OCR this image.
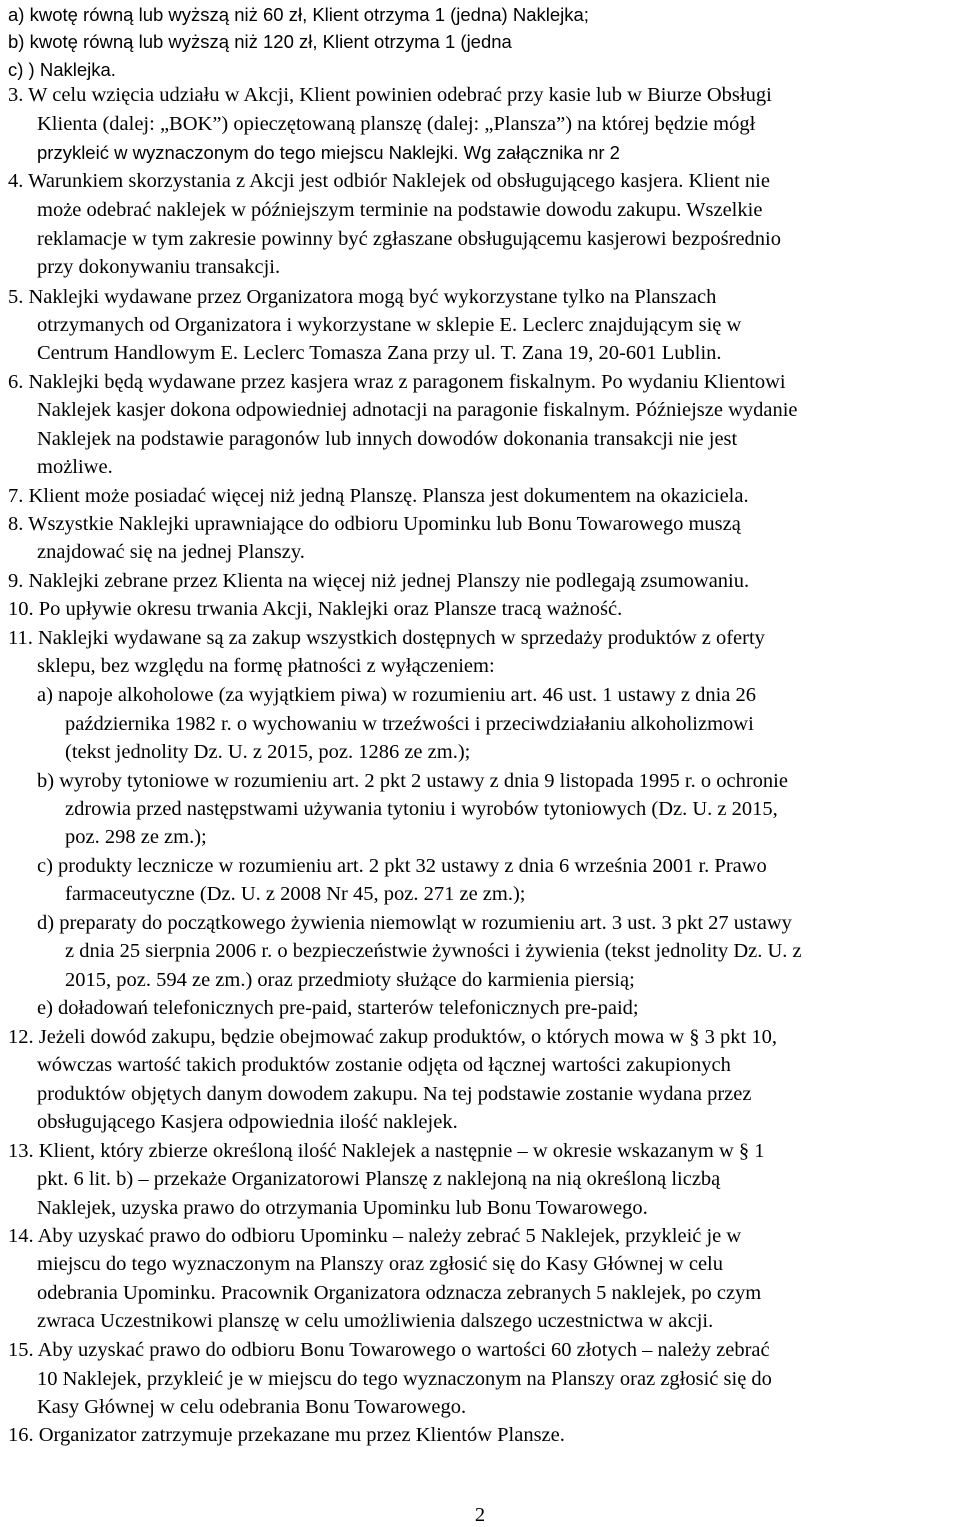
a) kwotę równą lub wyższą niż 60 zł, Klient otrzyma 1 (jedna) Naklejka;
b) kwotę równą lub wyższą niż 120 zł, Klient otrzyma 1 (jedna
c) ) Naklejka.
3. W celu wzięcia udziału w Akcji, Klient powinien odebrać przy kasie lub w Biurze Obsługi
Klienta (dalej: „BOK”) opieczętowaną planszę (dalej: „Plansza”) na której będzie mógł
przykleić w wyznaczonym do tego miejscu Naklejki. Wg załącznika nr 2
4. Warunkiem skorzystania z Akcji jest odbiór Naklejek od obsługującego kasjera. Klient nie
może odebrać naklejek w późniejszym terminie na podstawie dowodu zakupu. Wszelkie
reklamacje w tym zakresie powinny być zgłaszane obsługującemu kasjerowi bezpośrednio
przy dokonywaniu transakcji.
5. Naklejki wydawane przez Organizatora mogą być wykorzystane tylko na Planszach
otrzymanych od Organizatora i wykorzystane w sklepie E. Leclerc znajdującym się w
Centrum Handlowym E. Leclerc Tomasza Zana przy ul. T. Zana 19, 20-601 Lublin.
6. Naklejki będą wydawane przez kasjera wraz z paragonem fiskalnym. Po wydaniu Klientowi
Naklejek kasjer dokona odpowiedniej adnotacji na paragonie fiskalnym. Późniejsze wydanie
Naklejek na podstawie paragonów lub innych dowodów dokonania transakcji nie jest
możliwe.
7. Klient może posiadać więcej niż jedną Planszę. Plansza jest dokumentem na okaziciela.
8. Wszystkie Naklejki uprawniające do odbioru Upominku lub Bonu Towarowego muszą
znajdować się na jednej Planszy.
9. Naklejki zebrane przez Klienta na więcej niż jednej Planszy nie podlegają zsumowaniu.
10. Po upływie okresu trwania Akcji, Naklejki oraz Plansze tracą ważność.
11. Naklejki wydawane są za zakup wszystkich dostępnych w sprzedaży produktów z oferty
sklepu, bez względu na formę płatności z wyłączeniem:
a) napoje alkoholowe (za wyjątkiem piwa) w rozumieniu art. 46 ust. 1 ustawy z dnia 26
października 1982 r. o wychowaniu w trzeźwości i przeciwdziałaniu alkoholizmowi
(tekst jednolity Dz. U. z 2015, poz. 1286 ze zm.);
b) wyroby tytoniowe w rozumieniu art. 2 pkt 2 ustawy z dnia 9 listopada 1995 r. o ochronie
zdrowia przed następstwami używania tytoniu i wyrobów tytoniowych (Dz. U. z 2015,
poz. 298 ze zm.);
c) produkty lecznicze w rozumieniu art. 2 pkt 32 ustawy z dnia 6 września 2001 r. Prawo
farmaceutyczne (Dz. U. z 2008 Nr 45, poz. 271 ze zm.);
d) preparaty do początkowego żywienia niemowląt w rozumieniu art. 3 ust. 3 pkt 27 ustawy
z dnia 25 sierpnia 2006 r. o bezpieczeństwie żywności i żywienia (tekst jednolity Dz. U. z
2015, poz. 594 ze zm.) oraz przedmioty służące do karmienia piersią;
e) doładowań telefonicznych pre-paid, starterów telefonicznych pre-paid;
12. Jeżeli dowód zakupu, będzie obejmować zakup produktów, o których mowa w § 3 pkt 10,
wówczas wartość takich produktów zostanie odjęta od łącznej wartości zakupionych
produktów objętych danym dowodem zakupu. Na tej podstawie zostanie wydana przez
obsługującego Kasjera odpowiednia ilość naklejek.
13. Klient, który zbierze określoną ilość Naklejek a następnie – w okresie wskazanym w § 1
pkt. 6 lit. b) – przekaże Organizatorowi Planszę z naklejoną na nią określoną liczbą
Naklejek, uzyska prawo do otrzymania Upominku lub Bonu Towarowego.
14. Aby uzyskać prawo do odbioru Upominku – należy zebrać 5 Naklejek, przykleić je w
miejscu do tego wyznaczonym na Planszy oraz zgłosić się do Kasy Głównej w celu
odebrania Upominku. Pracownik Organizatora odznacza zebranych 5 naklejek, po czym
zwraca Uczestnikowi planszę w celu umożliwienia dalszego uczestnictwa w akcji.
15. Aby uzyskać prawo do odbioru Bonu Towarowego o wartości 60 złotych – należy zebrać
10 Naklejek, przykleić je w miejscu do tego wyznaczonym na Planszy oraz zgłosić się do
Kasy Głównej w celu odebrania Bonu Towarowego.
16. Organizator zatrzymuje przekazane mu przez Klientów Plansze.
2
